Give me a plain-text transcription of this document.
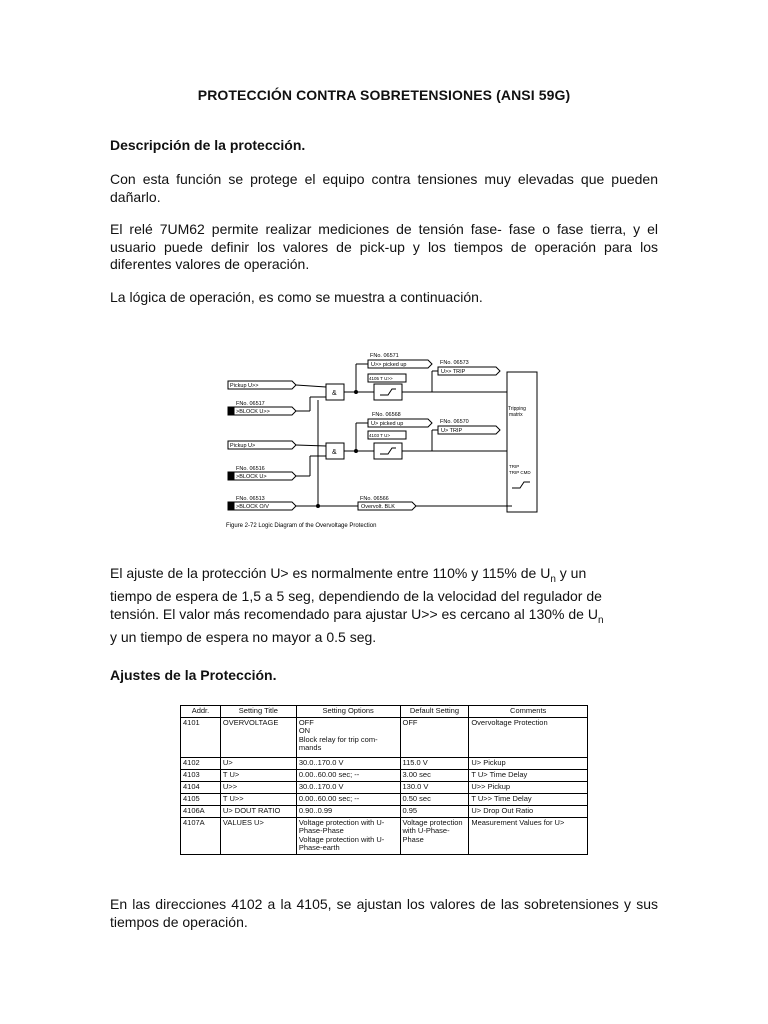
PROTECCIÓN CONTRA SOBRETENSIONES (ANSI 59G)
Descripción de la protección.
Con esta función se protege el equipo contra tensiones muy elevadas que pueden dañarlo.
El relé 7UM62 permite realizar mediciones de tensión fase- fase o fase tierra, y el usuario puede definir los valores de pick-up y los tiempos de operación para los diferentes valores de operación.
La lógica de operación, es como se muestra a continuación.
FNo. 06571
U>> picked up	FNo. 06573
U>> TRIP
4105 T U>>
Pickup U>>
FNo. 06517
>BLOCK U>>
&
FNo. 06568
U> picked up	FNo. 06570
U> TRIP
4103 T U>
Tripping
matrix
Pickup U>
FNo. 06516
>BLOCK U>
&
TRIP
TRIP CMD
FNo. 06513
>BLOCK O/V
FNo. 06566
Overvolt. BLK
Figure 2-72 Logic Diagram of the Overvoltage Protection
El ajuste de la protección U> es normalmente entre 110% y 115% de $U_n$ y un
tiempo de espera de 1,5 a 5 seg, dependiendo de la velocidad del regulador de
tensión. El valor más recomendado para ajustar U>> es cercano al 130% de $U_n$
y un tiempo de espera no mayor a 0.5 seg.
Ajustes de la Protección.
Addr.	Setting Title	Setting Options	Default Setting	Comments
4101	OVERVOLTAGE	OFF
ON
Block relay for trip com-
mands	OFF	Overvoltage Protection
4102	U>	30.0..170.0 V	115.0 V	U> Pickup
4103	T U>	0.00..60.00 sec; --	3.00 sec	T U> Time Delay
4104	U>>	30.0..170.0 V	130.0 V	U>> Pickup
4105	T U>>	0.00..60.00 sec; --	0.50 sec	T U>> Time Delay
4106A	U> DOUT RATIO	0.90..0.99	0.95	U> Drop Out Ratio
4107A	VALUES U>	Voltage protection with U-
Phase-Phase
Voltage protection with U-
Phase-earth	Voltage protection
with U-Phase-
Phase	Measurement Values for U>
En las direcciones 4102 a la 4105, se ajustan los valores de las sobretensiones y sus tiempos de operación.
